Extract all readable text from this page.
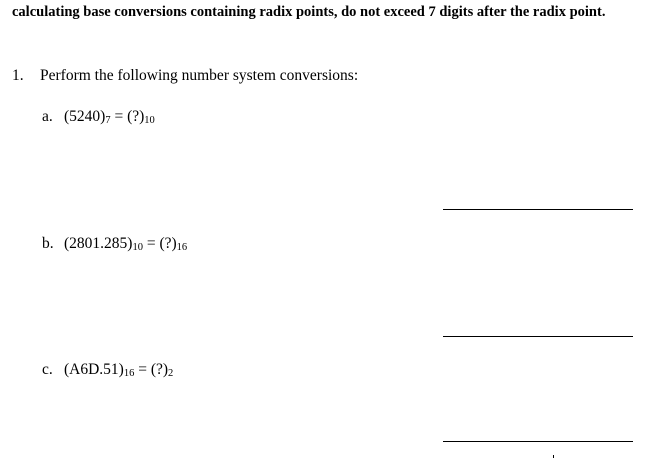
calculating base conversions containing radix points, do not exceed 7 digits after the radix point.
1. Perform the following number system conversions:
a. $(5240)_7$ = $(?)_{10}$
b. $(2801.285)_{10}$ = $(?)_{16}$
c. $(A6D.51)_{16}$ = $(?)_2$
